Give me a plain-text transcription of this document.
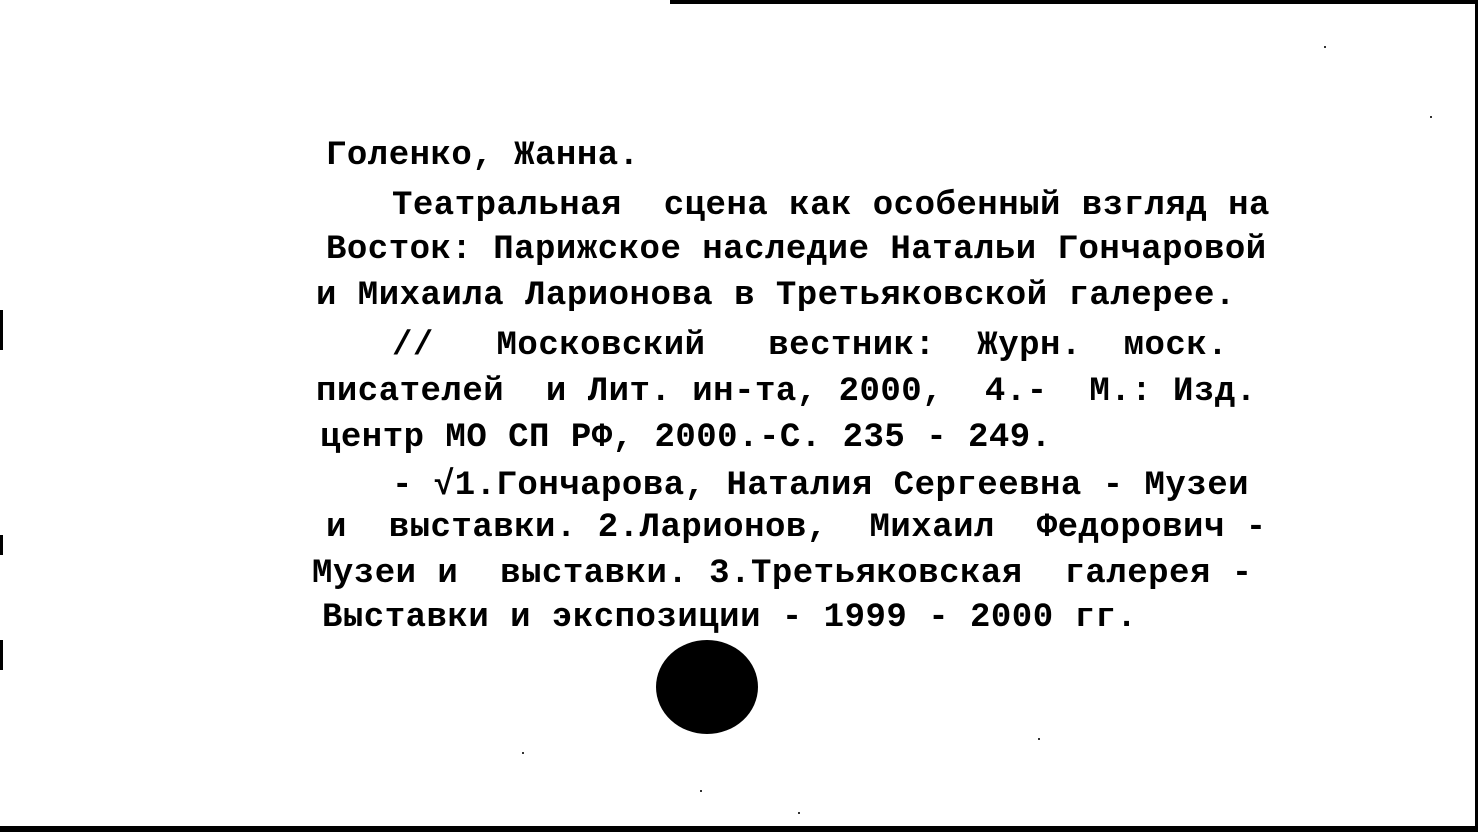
Голенко, Жанна.
Театральная  сцена как особенный взгляд на
Восток: Парижское наследие Натальи Гончаровой
и Михаила Ларионова в Третьяковской галерее.
//   Московский   вестник:  Журн.  моск.
писателей  и Лит. ин-та, 2000,  4.-  М.: Изд.
центр МО СП РФ, 2000.-С. 235 - 249.
- √1.Гончарова, Наталия Сергеевна - Музеи
и  выставки. 2.Ларионов,  Михаил  Федорович -
Музеи и  выставки. 3.Третьяковская  галерея -
Выставки и экспозиции - 1999 - 2000 гг.
